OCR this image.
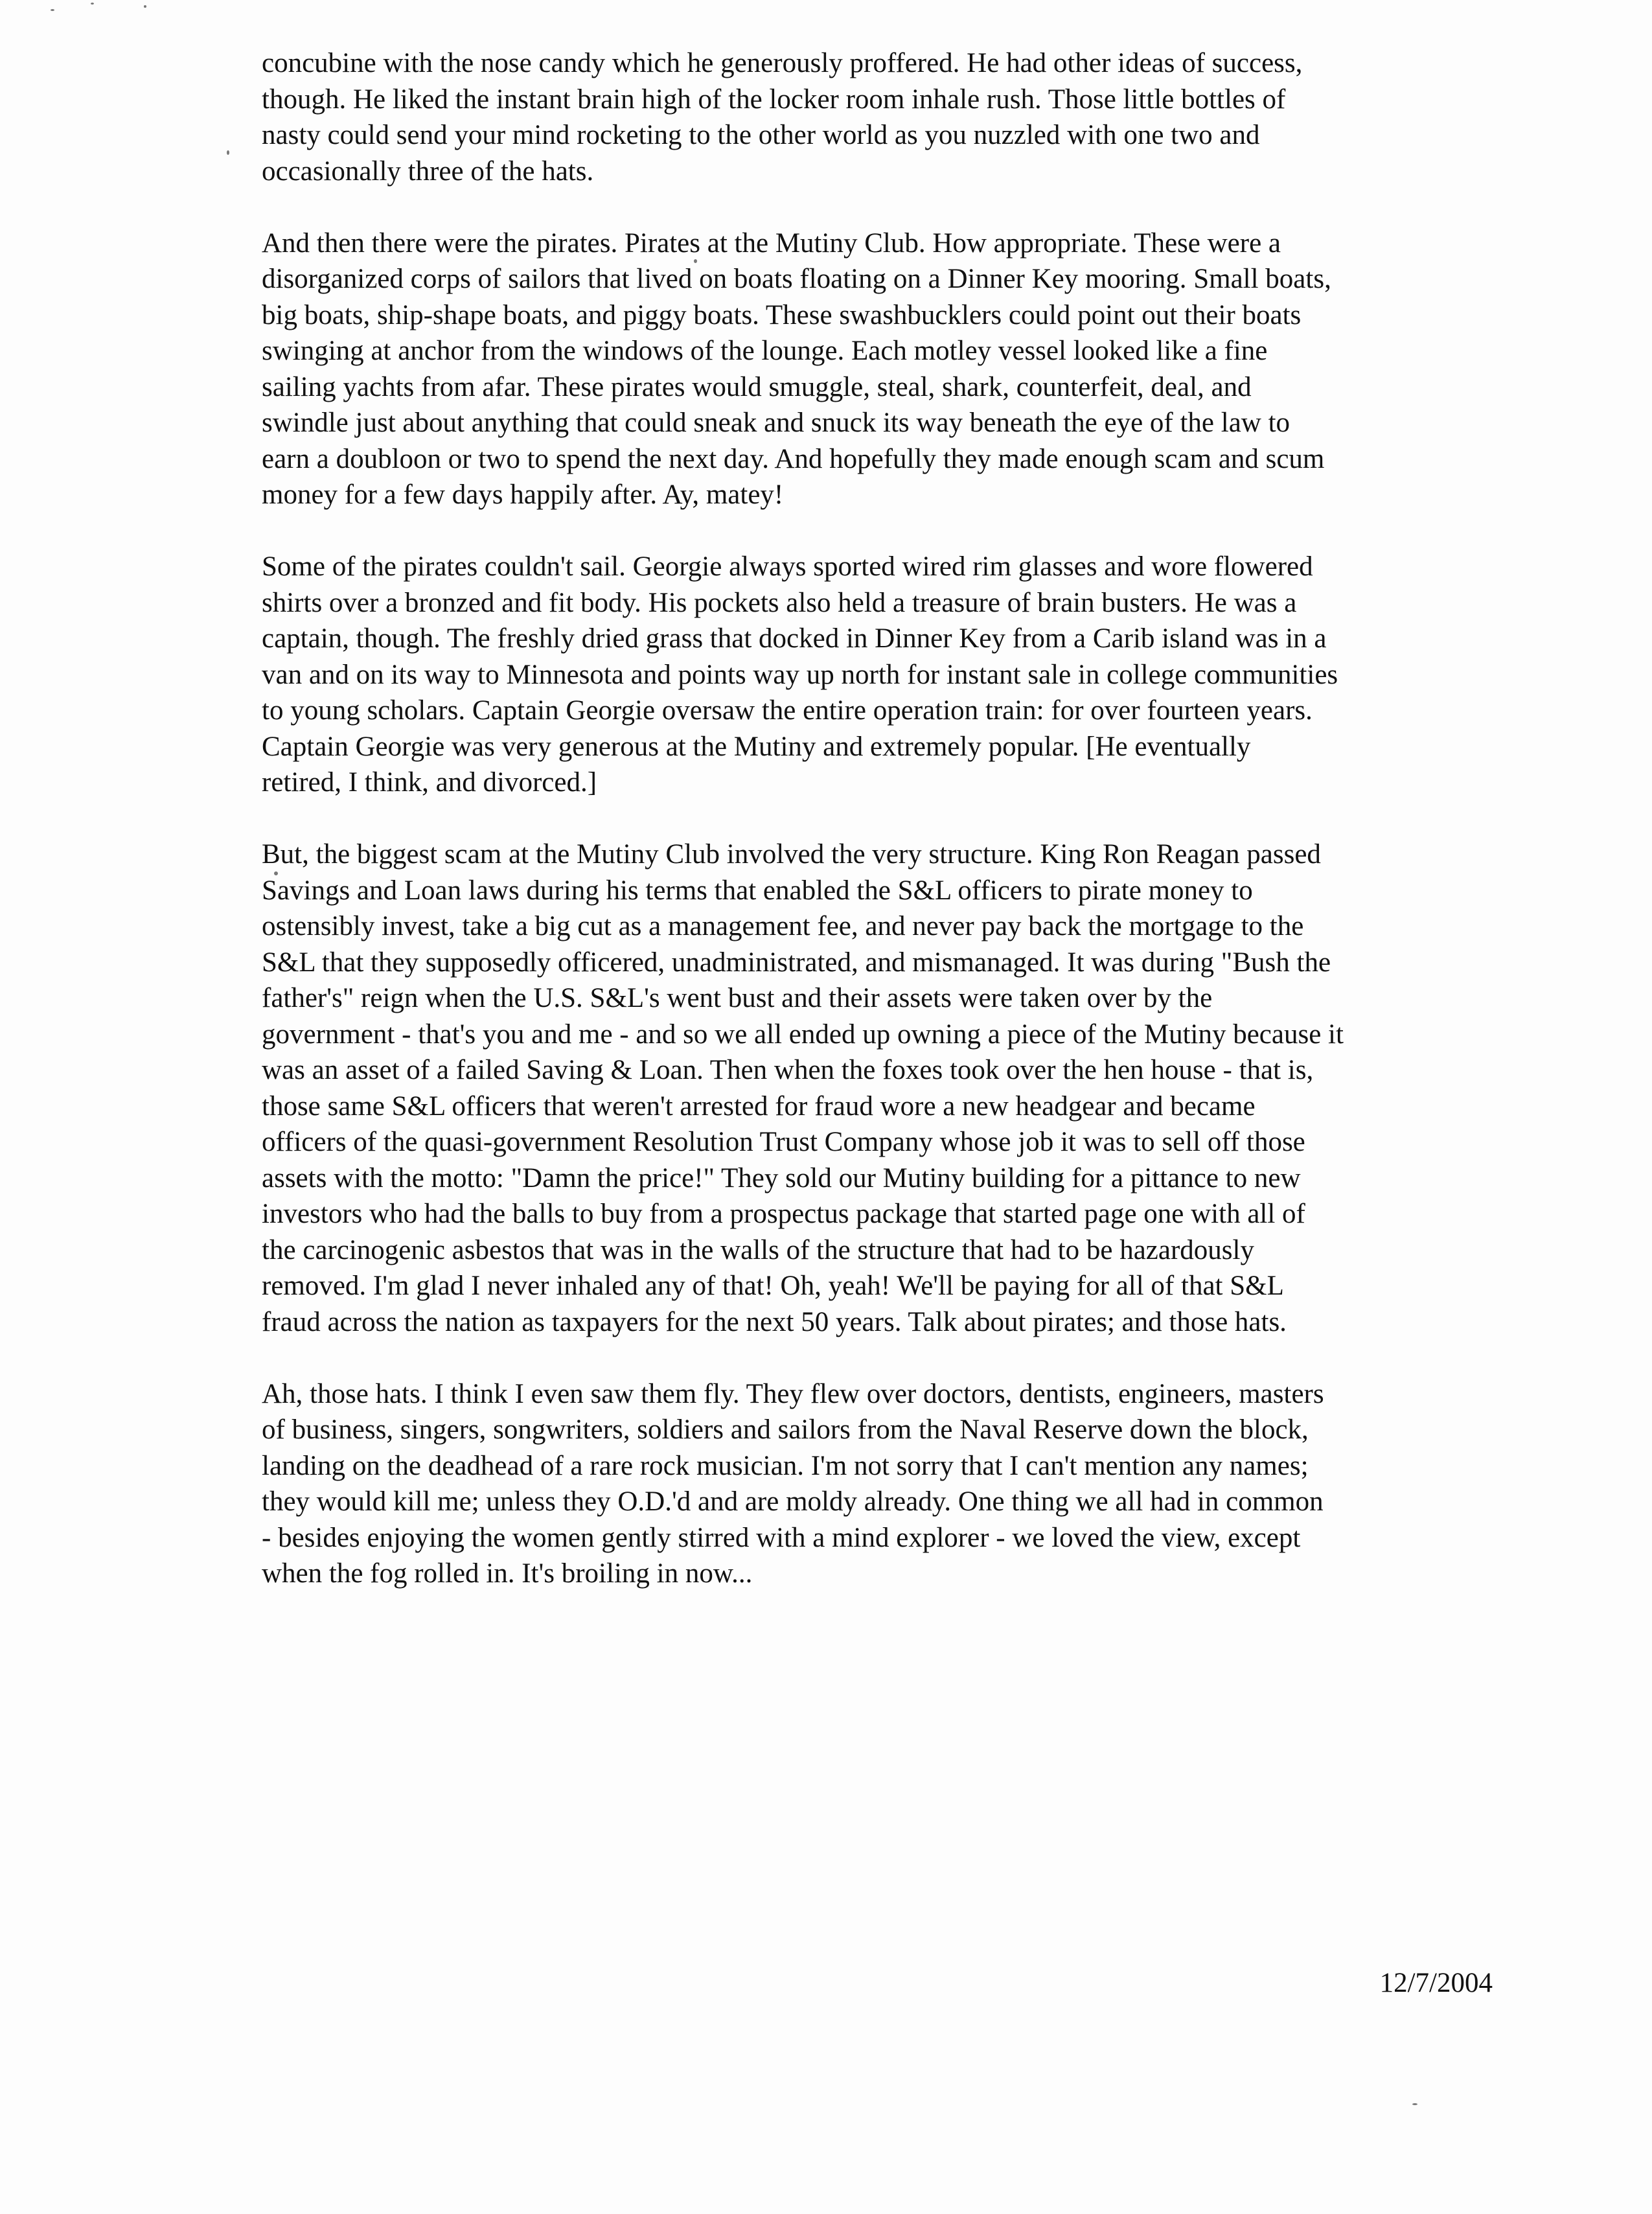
concubine with the nose candy which he generously proffered. He had other ideas of success,
though. He liked the instant brain high of the locker room inhale rush. Those little bottles of
nasty could send your mind rocketing to the other world as you nuzzled with one two and
occasionally three of the hats.

And then there were the pirates. Pirates at the Mutiny Club. How appropriate. These were a
disorganized corps of sailors that lived on boats floating on a Dinner Key mooring. Small boats,
big boats, ship-shape boats, and piggy boats. These swashbucklers could point out their boats
swinging at anchor from the windows of the lounge. Each motley vessel looked like a fine
sailing yachts from afar. These pirates would smuggle, steal, shark, counterfeit, deal, and
swindle just about anything that could sneak and snuck its way beneath the eye of the law to
earn a doubloon or two to spend the next day. And hopefully they made enough scam and scum
money for a few days happily after. Ay, matey!

Some of the pirates couldn't sail. Georgie always sported wired rim glasses and wore flowered
shirts over a bronzed and fit body. His pockets also held a treasure of brain busters. He was a
captain, though. The freshly dried grass that docked in Dinner Key from a Carib island was in a
van and on its way to Minnesota and points way up north for instant sale in college communities
to young scholars. Captain Georgie oversaw the entire operation train: for over fourteen years.
Captain Georgie was very generous at the Mutiny and extremely popular. [He eventually
retired, I think, and divorced.]

But, the biggest scam at the Mutiny Club involved the very structure. King Ron Reagan passed
Savings and Loan laws during his terms that enabled the S&L officers to pirate money to
ostensibly invest, take a big cut as a management fee, and never pay back the mortgage to the
S&L that they supposedly officered, unadministrated, and mismanaged. It was during "Bush the
father's" reign when the U.S. S&L's went bust and their assets were taken over by the
government - that's you and me - and so we all ended up owning a piece of the Mutiny because it
was an asset of a failed Saving & Loan. Then when the foxes took over the hen house - that is,
those same S&L officers that weren't arrested for fraud wore a new headgear and became
officers of the quasi-government Resolution Trust Company whose job it was to sell off those
assets with the motto: "Damn the price!" They sold our Mutiny building for a pittance to new
investors who had the balls to buy from a prospectus package that started page one with all of
the carcinogenic asbestos that was in the walls of the structure that had to be hazardously
removed. I'm glad I never inhaled any of that! Oh, yeah! We'll be paying for all of that S&L
fraud across the nation as taxpayers for the next 50 years. Talk about pirates; and those hats.

Ah, those hats. I think I even saw them fly. They flew over doctors, dentists, engineers, masters
of business, singers, songwriters, soldiers and sailors from the Naval Reserve down the block,
landing on the deadhead of a rare rock musician. I'm not sorry that I can't mention any names;
they would kill me; unless they O.D.'d and are moldy already. One thing we all had in common
- besides enjoying the women gently stirred with a mind explorer - we loved the view, except
when the fog rolled in. It's broiling in now...

12/7/2004
